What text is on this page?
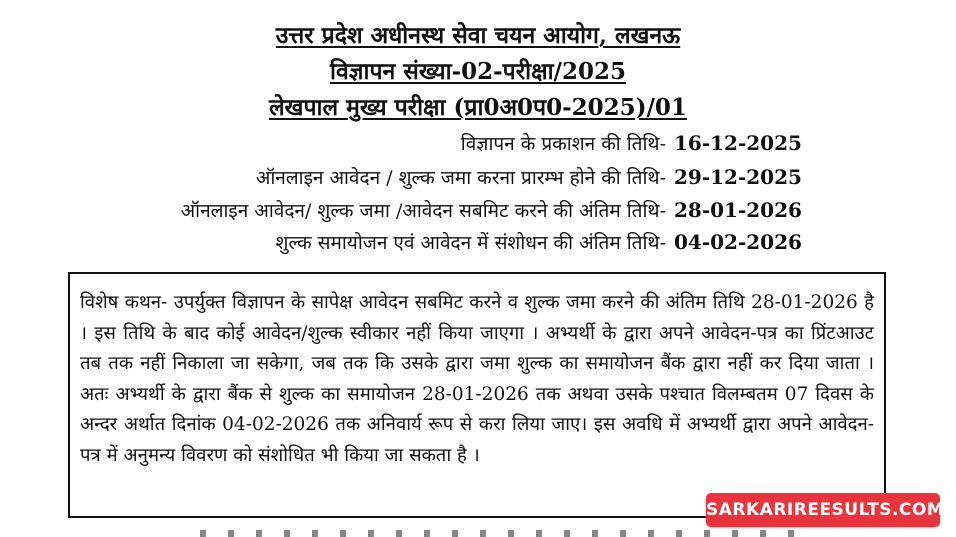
उत्तर प्रदेश अधीनस्थ सेवा चयन आयोग, लखनऊ
विज्ञापन संख्या-02-परीक्षा/2025
लेखपाल मुख्य परीक्षा (प्रा0अ0प0-2025)/01
विज्ञापन के प्रकाशन की तिथि- 16-12-2025
ऑनलाइन आवेदन / शुल्क जमा करना प्रारम्भ होने की तिथि- 29-12-2025
ऑनलाइन आवेदन/ शुल्क जमा /आवेदन सबमिट करने की अंतिम तिथि- 28-01-2026
शुल्क समायोजन एवं आवेदन में संशोधन की अंतिम तिथि- 04-02-2026
विशेष कथन- उपर्युक्त विज्ञापन के सापेक्ष आवेदन सबमिट करने व शुल्क जमा करने की अंतिम तिथि 28-01-2026 है । इस तिथि के बाद कोई आवेदन/शुल्क स्वीकार नहीं किया जाएगा । अभ्यर्थी के द्वारा अपने आवेदन-पत्र का प्रिंटआउट तब तक नहीं निकाला जा सकेगा, जब तक कि उसके द्वारा जमा शुल्क का समायोजन बैंक द्वारा नहीं कर दिया जाता । अतः अभ्यर्थी के द्वारा बैंक से शुल्क का समायोजन 28-01-2026 तक अथवा उसके पश्चात विलम्बतम 07 दिवस के अन्दर अर्थात दिनांक 04-02-2026 तक अनिवार्य रूप से करा लिया जाए। इस अवधि में अभ्यर्थी द्वारा अपने आवेदन-पत्र में अनुमन्य विवरण को संशोधित भी किया जा सकता है ।
SARKARIREESULTS.COM
